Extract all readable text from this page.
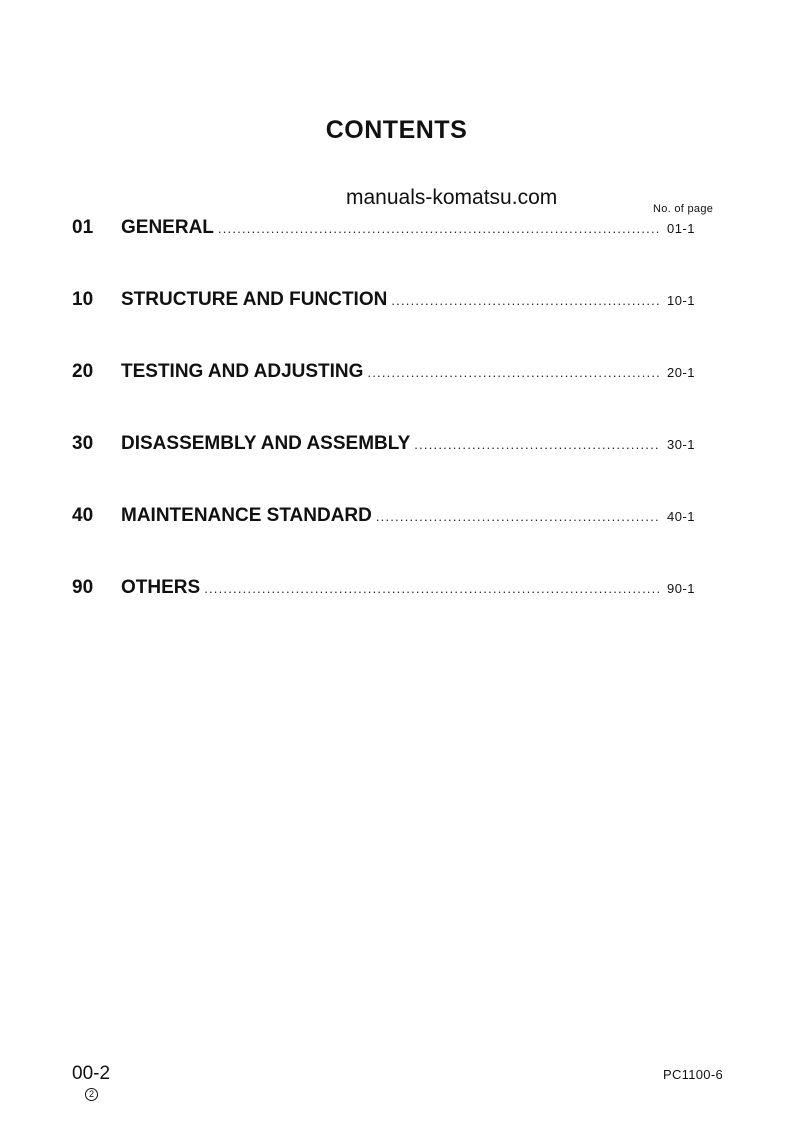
CONTENTS
manuals-komatsu.com	No. of page
01	GENERAL .....	01-1
10	STRUCTURE AND FUNCTION .....	10-1
20	TESTING AND ADJUSTING .....	20-1
30	DISASSEMBLY AND ASSEMBLY .....	30-1
40	MAINTENANCE STANDARD .....	40-1
90	OTHERS .....	90-1
00-2
2
PC1100-6
